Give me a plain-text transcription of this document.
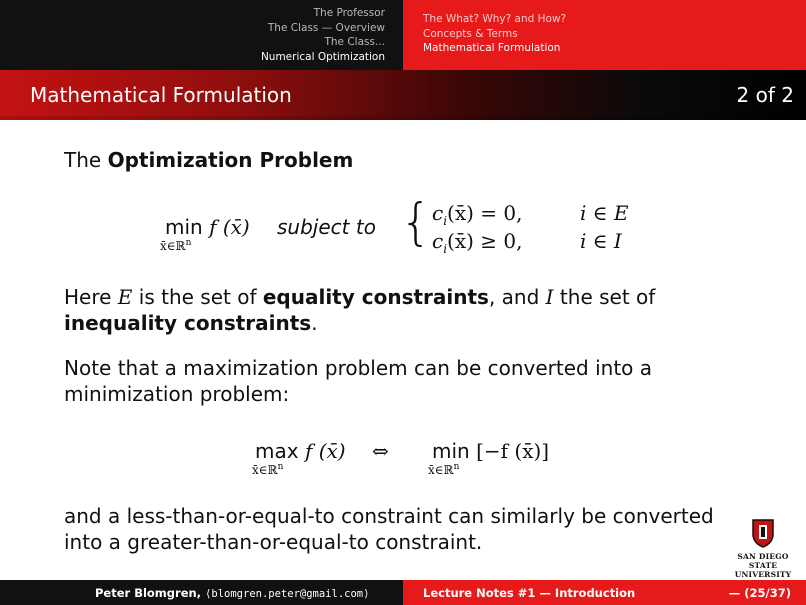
The Professor
The Class — Overview
The Class...
Numerical Optimization
The What? Why? and How?
Concepts & Terms
Mathematical Formulation
Mathematical Formulation	2 of 2
The Optimization Problem
min f (x̄)
x̄∈ℝ$^n$
subject to { $c_i(x̄) = 0$,	i ∈ E
$c_i(x̄) \ge 0$,	i ∈ I
Here E is the set of equality constraints, and I the set of
inequality constraints.
Note that a maximization problem can be converted into a
minimization problem:
max f (x̄)
x̄∈ℝ$^n$
⇔ min [−f (x̄)]
x̄∈ℝ$^n$
and a less-than-or-equal-to constraint can similarly be converted
into a greater-than-or-equal-to constraint.
SAN DIEGO STATE
UNIVERSITY
Peter Blomgren, ⟨blomgren.peter@gmail.com⟩	Lecture Notes #1 — Introduction	— (25/37)
